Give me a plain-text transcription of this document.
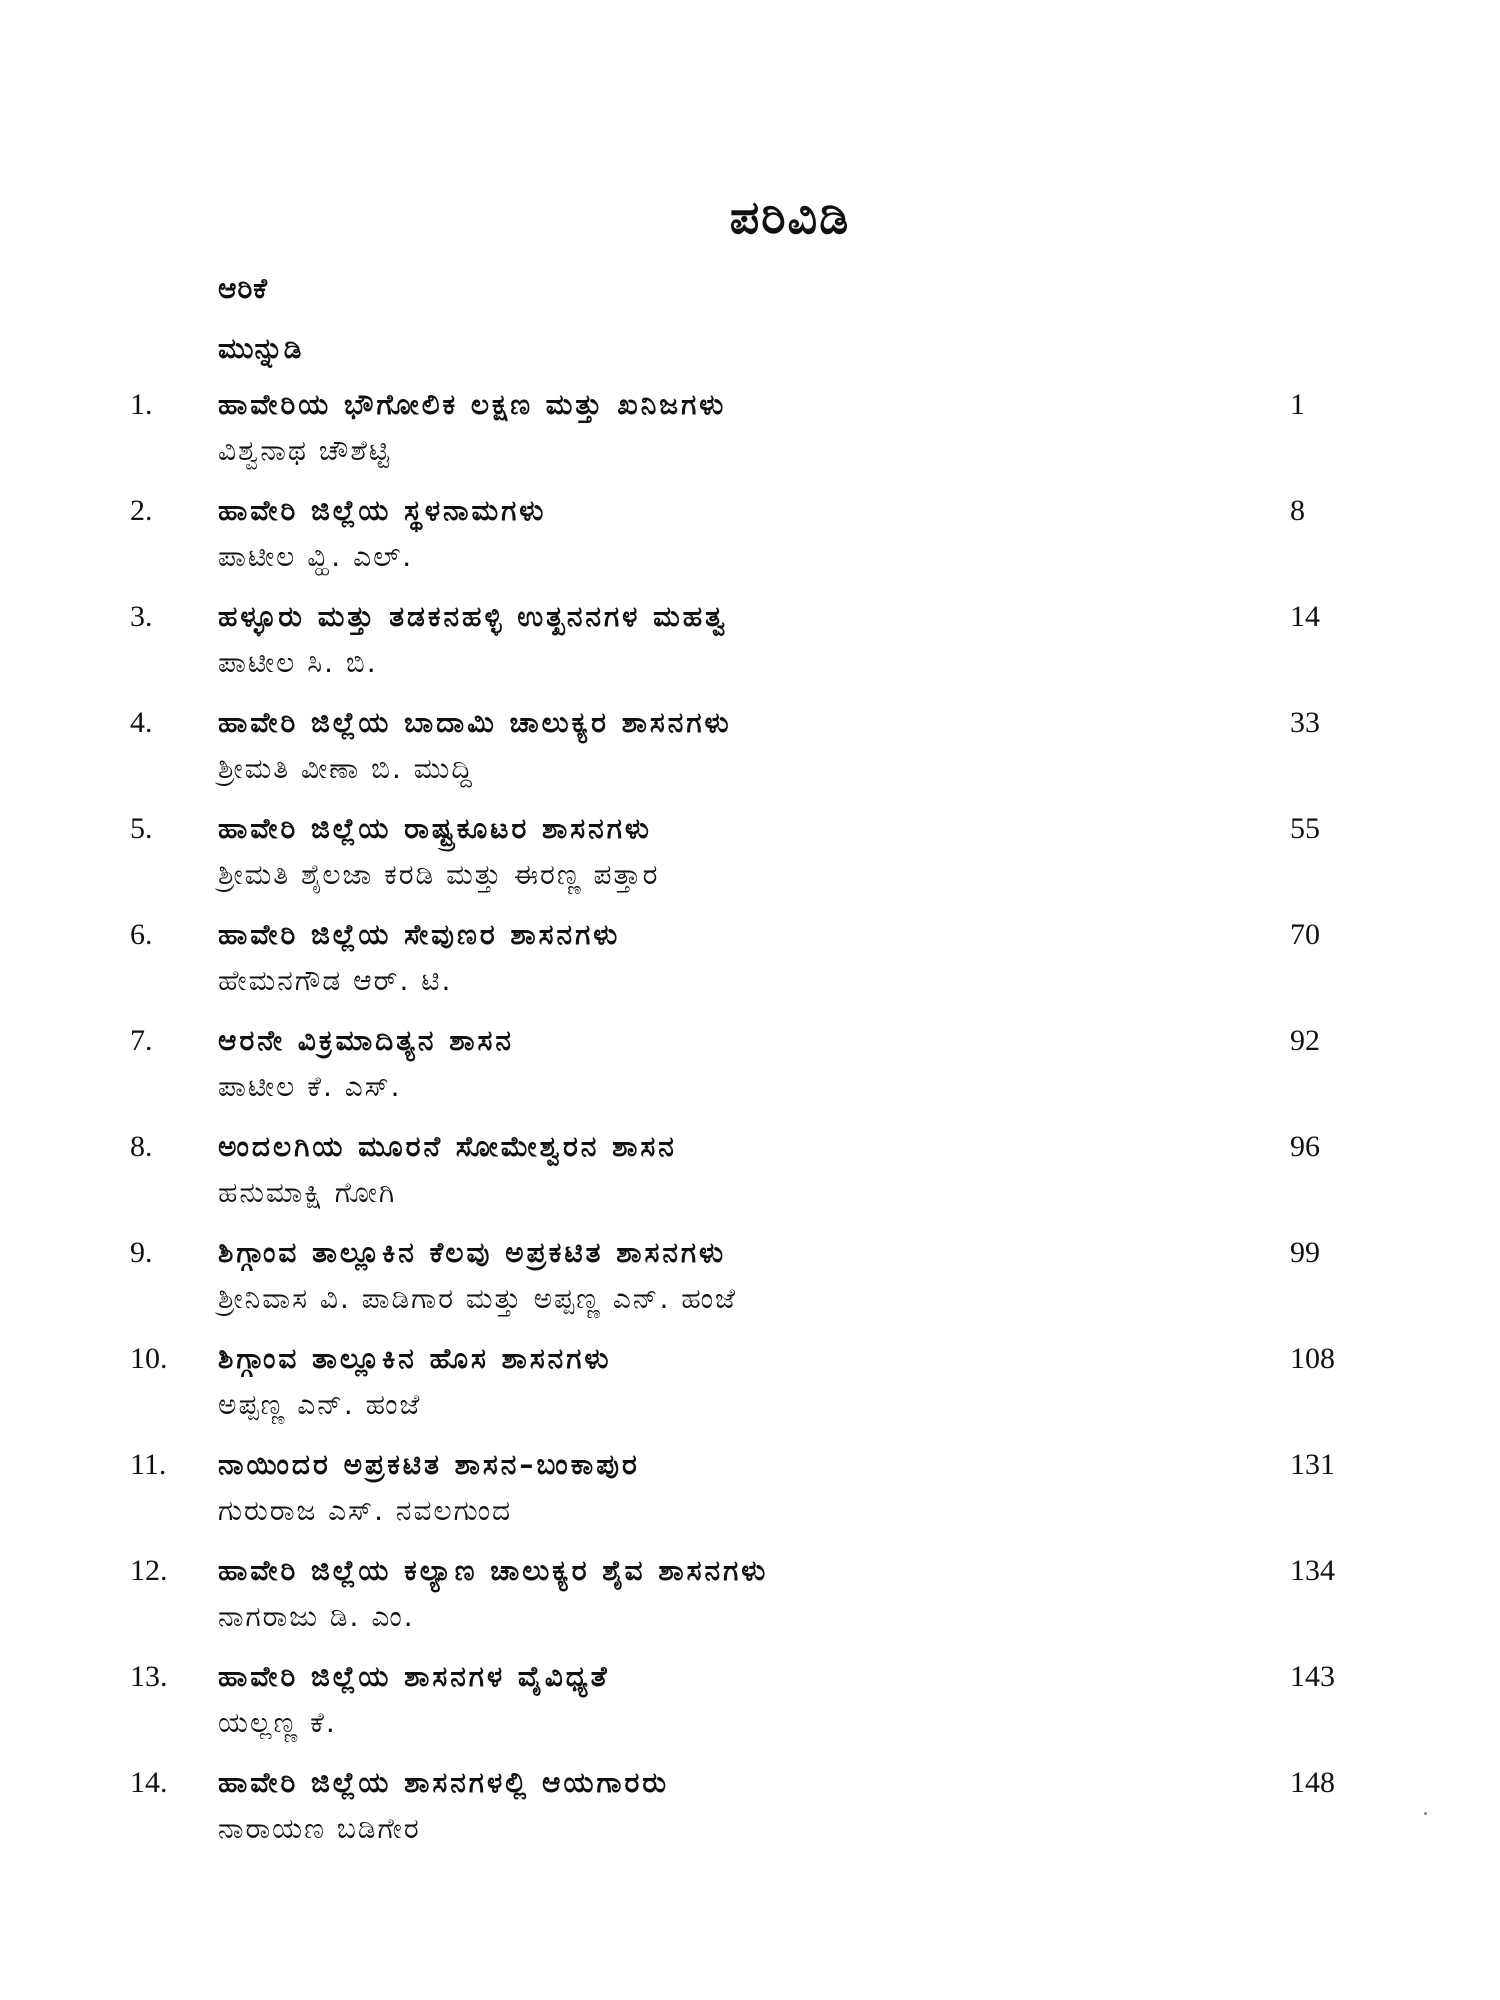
ಪರಿವಿಡಿ
ಆರಿಕೆ
ಮುನ್ನುಡಿ
1. ಹಾವೇರಿಯ ಭೌಗೋಲಿಕ ಲಕ್ಷಣ ಮತ್ತು ಖನಿಜಗಳು
ವಿಶ್ವನಾಥ ಚೌಶೆಟ್ಟಿ
1
2. ಹಾವೇರಿ ಜಿಲ್ಲೆಯ ಸ್ಥಳನಾಮಗಳು
ಪಾಟೀಲ ವ್ಹಿ. ಎಲ್.
8
3. ಹಳ್ಳೂರು ಮತ್ತು ತಡಕನಹಳ್ಳಿ ಉತ್ಖನನಗಳ ಮಹತ್ವ
ಪಾಟೀಲ ಸಿ. ಬಿ.
14
4. ಹಾವೇರಿ ಜಿಲ್ಲೆಯ ಬಾದಾಮಿ ಚಾಲುಕ್ಯರ ಶಾಸನಗಳು
ಶ್ರೀಮತಿ ವೀಣಾ ಬಿ. ಮುದ್ದಿ
33
5. ಹಾವೇರಿ ಜಿಲ್ಲೆಯ ರಾಷ್ಟ್ರಕೂಟರ ಶಾಸನಗಳು
ಶ್ರೀಮತಿ ಶೈಲಜಾ ಕರಡಿ ಮತ್ತು ಈರಣ್ಣ ಪತ್ತಾರ
55
6. ಹಾವೇರಿ ಜಿಲ್ಲೆಯ ಸೇವುಣರ ಶಾಸನಗಳು
ಹೇಮನಗೌಡ ಆರ್. ಟಿ.
70
7. ಆರನೇ ವಿಕ್ರಮಾದಿತ್ಯನ ಶಾಸನ
ಪಾಟೀಲ ಕೆ. ಎಸ್.
92
8. ಅಂದಲಗಿಯ ಮೂರನೆ ಸೋಮೇಶ್ವರನ ಶಾಸನ
ಹನುಮಾಕ್ಷಿ ಗೋಗಿ
96
9. ಶಿಗ್ಗಾಂವ ತಾಲ್ಲೂಕಿನ ಕೆಲವು ಅಪ್ರಕಟಿತ ಶಾಸನಗಳು
ಶ್ರೀನಿವಾಸ ವಿ. ಪಾಡಿಗಾರ ಮತ್ತು ಅಪ್ಪಣ್ಣ ಎನ್. ಹಂಜೆ
99
10. ಶಿಗ್ಗಾಂವ ತಾಲ್ಲೂಕಿನ ಹೊಸ ಶಾಸನಗಳು
ಅಪ್ಪಣ್ಣ ಎನ್. ಹಂಜೆ
108
11. ನಾಯಿಂದರ ಅಪ್ರಕಟಿತ ಶಾಸನ–ಬಂಕಾಪುರ
ಗುರುರಾಜ ಎಸ್. ನವಲಗುಂದ
131
12. ಹಾವೇರಿ ಜಿಲ್ಲೆಯ ಕಲ್ಯಾಣ ಚಾಲುಕ್ಯರ ಶೈವ ಶಾಸನಗಳು
ನಾಗರಾಜು ಡಿ. ಎಂ.
134
13. ಹಾವೇರಿ ಜಿಲ್ಲೆಯ ಶಾಸನಗಳ ವೈವಿಧ್ಯತೆ
ಯಲ್ಲಣ್ಣ ಕೆ.
143
14. ಹಾವೇರಿ ಜಿಲ್ಲೆಯ ಶಾಸನಗಳಲ್ಲಿ ಆಯಗಾರರು
ನಾರಾಯಣ ಬಡಿಗೇರ
148
